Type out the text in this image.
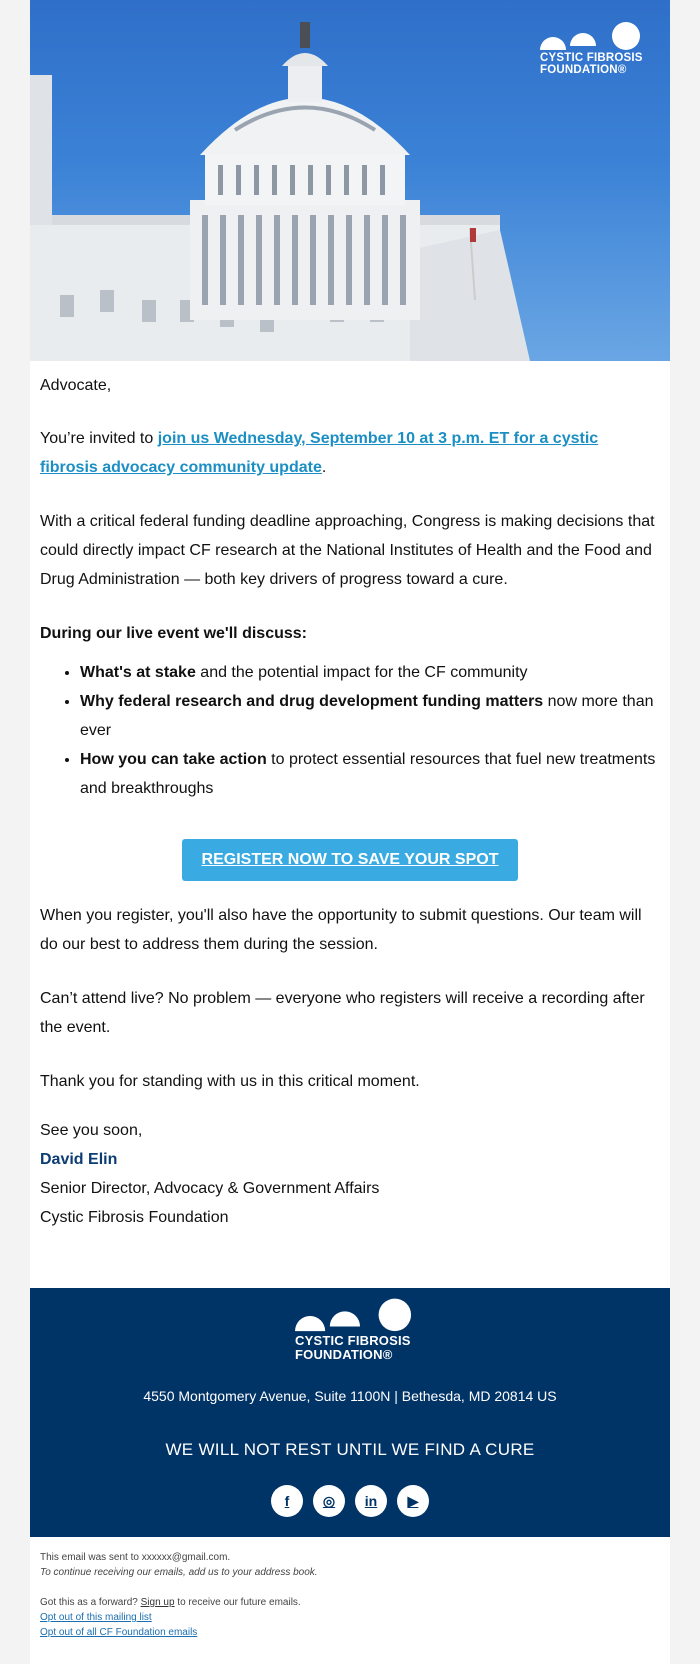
CYSTIC FIBROSIS
FOUNDATION®

Advocate,

You’re invited to join us Wednesday, September 10 at 3 p.m. ET for a cystic fibrosis advocacy community update.

With a critical federal funding deadline approaching, Congress is making decisions that could directly impact CF research at the National Institutes of Health and the Food and Drug Administration — both key drivers of progress toward a cure.

During our live event we'll discuss:

• What's at stake and the potential impact for the CF community
• Why federal research and drug development funding matters now more than ever
• How you can take action to protect essential resources that fuel new treatments and breakthroughs
REGISTER NOW TO SAVE YOUR SPOT

When you register, you'll also have the opportunity to submit questions. Our team will do our best to address them during the session.

Can’t attend live? No problem — everyone who registers will receive a recording after the event.

Thank you for standing with us in this critical moment.

See you soon,
David Elin
Senior Director, Advocacy & Government Affairs
Cystic Fibrosis Foundation
CYSTIC FIBROSIS
FOUNDATION®
4550 Montgomery Avenue, Suite 1100N | Bethesda, MD 20814 US
WE WILL NOT REST UNTIL WE FIND A CURE
f	◎	in	▶
This email was sent to xxxxxx@gmail.com.
To continue receiving our emails, add us to your address book.
Got this as a forward? Sign up to receive our future emails.
Opt out of this mailing list
Opt out of all CF Foundation emails
